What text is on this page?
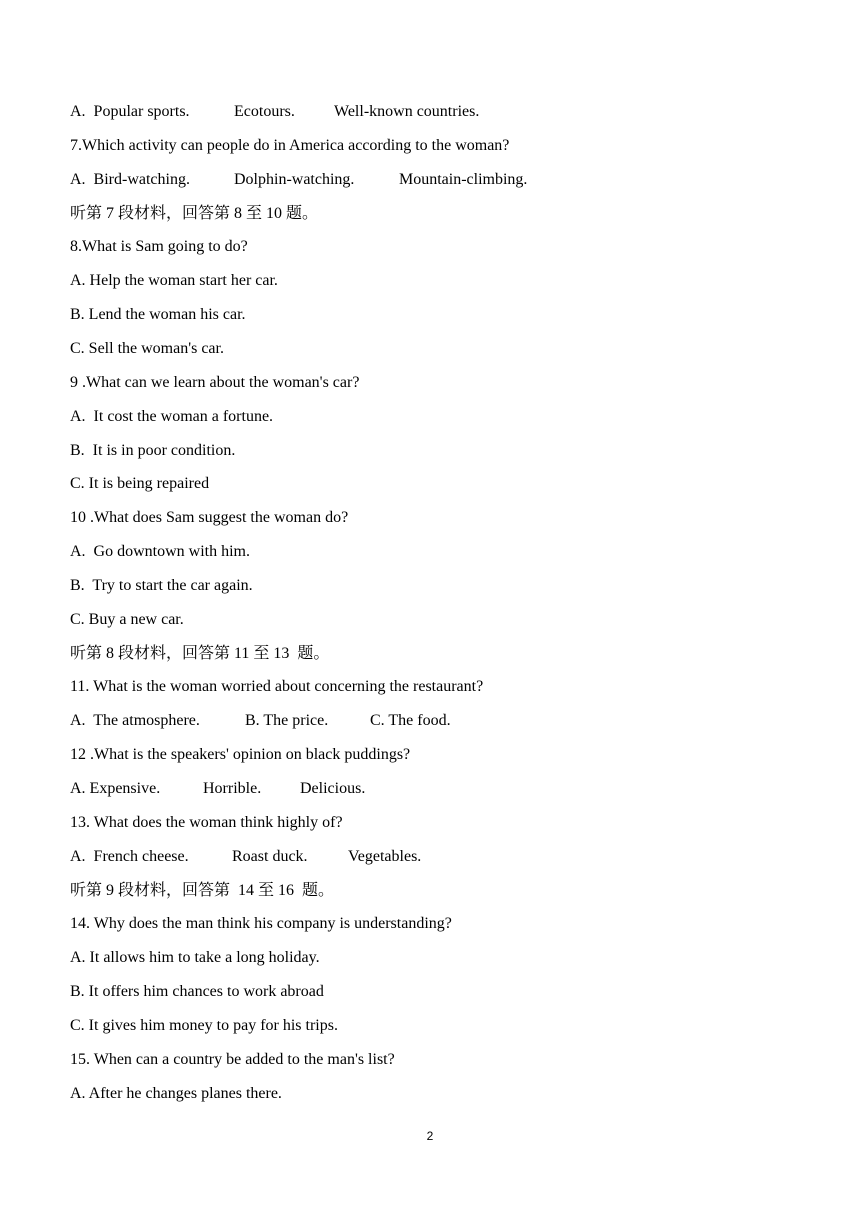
A.  Popular sports.	Ecotours. Well-known countries.
7.Which activity can people do in America according to the woman?
A.  Bird-watching.	Dolphin-watching.	Mountain-climbing.
听第 7 段材料，回答第 8 至 10 题。
8.What is Sam going to do?
A. Help the woman start her car.
B. Lend the woman his car.
C. Sell the woman's car.
9 .What can we learn about the woman's car?
A.  It cost the woman a fortune.
B.  It is in poor condition.
C. It is being repaired
10 .What does Sam suggest the woman do?
A.  Go downtown with him.
B.  Try to start the car again.
C. Buy a new car.
听第 8 段材料，回答第 11 至 13  题。
11. What is the woman worried about concerning the restaurant?
A.  The atmosphere.	B. The price.	C. The food.
12 .What is the speakers' opinion on black puddings?
A. Expensive.	Horrible. Delicious.
13. What does the woman think highly of?
A.  French cheese.	Roast duck.	Vegetables.
听第 9 段材料，回答第  14 至 16  题。
14. Why does the man think his company is understanding?
A. It allows him to take a long holiday.
B. It offers him chances to work abroad
C. It gives him money to pay for his trips.
15. When can a country be added to the man's list?
A. After he changes planes there.
2
